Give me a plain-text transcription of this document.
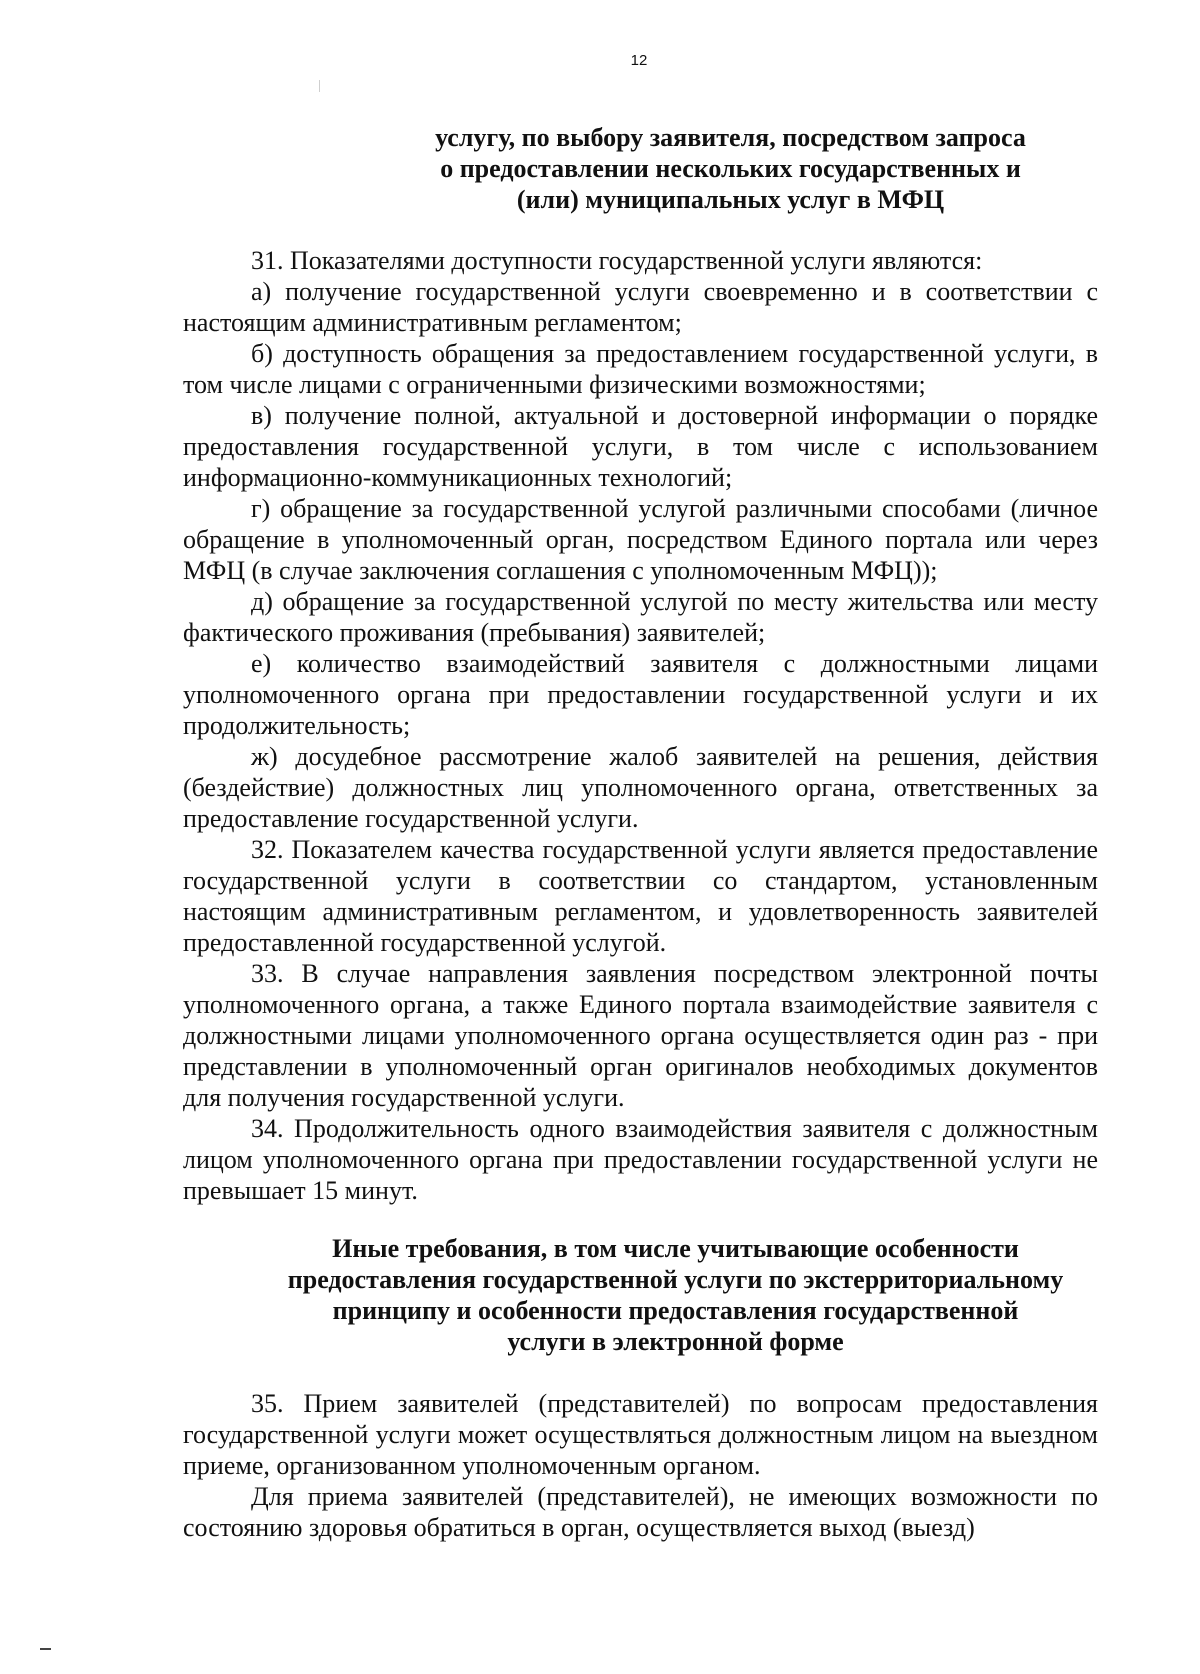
12
услугу, по выбору заявителя, посредством запроса
о предоставлении нескольких государственных и
(или) муниципальных услуг в МФЦ

31. Показателями доступности государственной услуги являются:

а) получение государственной услуги своевременно и в соответствии с настоящим административным регламентом;

б) доступность обращения за предоставлением государственной услуги, в том числе лицами с ограниченными физическими возможностями;

в) получение полной, актуальной и достоверной информации о порядке предоставления государственной услуги, в том числе с использованием информационно-коммуникационных технологий;

г) обращение за государственной услугой различными способами (личное обращение в уполномоченный орган, посредством Единого портала или через МФЦ (в случае заключения соглашения с уполномоченным МФЦ));

д) обращение за государственной услугой по месту жительства или месту фактического проживания (пребывания) заявителей;

е) количество взаимодействий заявителя с должностными лицами уполномоченного органа при предоставлении государственной услуги и их продолжительность;

ж) досудебное рассмотрение жалоб заявителей на решения, действия (бездействие) должностных лиц уполномоченного органа, ответственных за предоставление государственной услуги.

32. Показателем качества государственной услуги является предоставление государственной услуги в соответствии со стандартом, установленным настоящим административным регламентом, и удовлетворенность заявителей предоставленной государственной услугой.

33. В случае направления заявления посредством электронной почты уполномоченного органа, а также Единого портала взаимодействие заявителя с должностными лицами уполномоченного органа осуществляется один раз - при представлении в уполномоченный орган оригиналов необходимых документов для получения государственной услуги.

34. Продолжительность одного взаимодействия заявителя с должностным лицом уполномоченного органа при предоставлении государственной услуги не превышает 15 минут.

Иные требования, в том числе учитывающие особенности
предоставления государственной услуги по экстерриториальному
принципу и особенности предоставления государственной
услуги в электронной форме

35. Прием заявителей (представителей) по вопросам предоставления государственной услуги может осуществляться должностным лицом на выездном приеме, организованном уполномоченным органом.

Для приема заявителей (представителей), не имеющих возможности по состоянию здоровья обратиться в орган, осуществляется выход (выезд)
